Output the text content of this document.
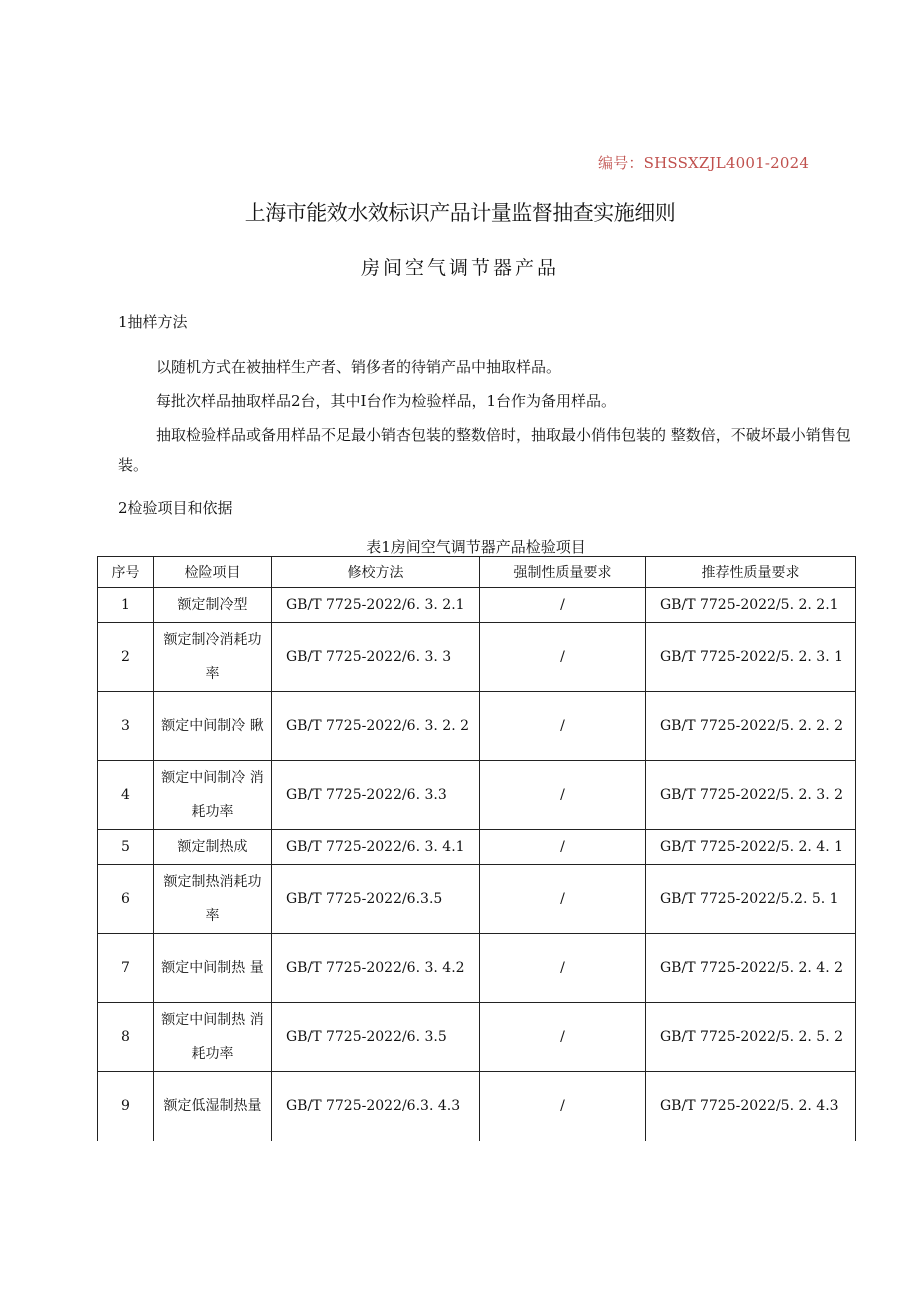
编号：SHSSXZJL4001-2024
上海市能效水效标识产品计量监督抽查实施细则
房间空气调节器产品
1抽样方法
以随机方式在被抽样生产者、销侈者的待销产品中抽取样品。
每批次样品抽取样品2台，其中I台作为检验样品，1台作为备用样品。
抽取检验样品或备用样品不足最小销杏包装的整数倍时，抽取最小俏伟包装的 整数倍，不破坏最小销售包装。
2检验项目和依据
表1房间空气调节器产品检验项目
序号	检险项目	修校方法	强制性质量要求	推荐性质量要求
1	额定制冷型	GB/T 7725-2022/6. 3. 2.1	/	GB/T 7725-2022/5. 2. 2.1
2	额定制冷消耗功率	GB/T 7725-2022/6. 3. 3	/	GB/T 7725-2022/5. 2. 3. 1
3	额定中间制冷 瞅	GB/T 7725-2022/6. 3. 2. 2	/	GB/T 7725-2022/5. 2. 2. 2
4	额定中间制冷 消耗功率	GB/T 7725-2022/6. 3.3	/	GB/T 7725-2022/5. 2. 3. 2
5	额定制热成	GB/T 7725-2022/6. 3. 4.1	/	GB/T 7725-2022/5. 2. 4. 1
6	额定制热消耗功率	GB/T 7725-2022/6.3.5	/	GB/T 7725-2022/5.2. 5. 1
7	额定中间制热 量	GB/T 7725-2022/6. 3. 4.2	/	GB/T 7725-2022/5. 2. 4. 2
8	额定中间制热 消耗功率	GB/T 7725-2022/6. 3.5	/	GB/T 7725-2022/5. 2. 5. 2
9	额定低湿制热量	GB/T 7725-2022/6.3. 4.3	/	GB/T 7725-2022/5. 2. 4.3
